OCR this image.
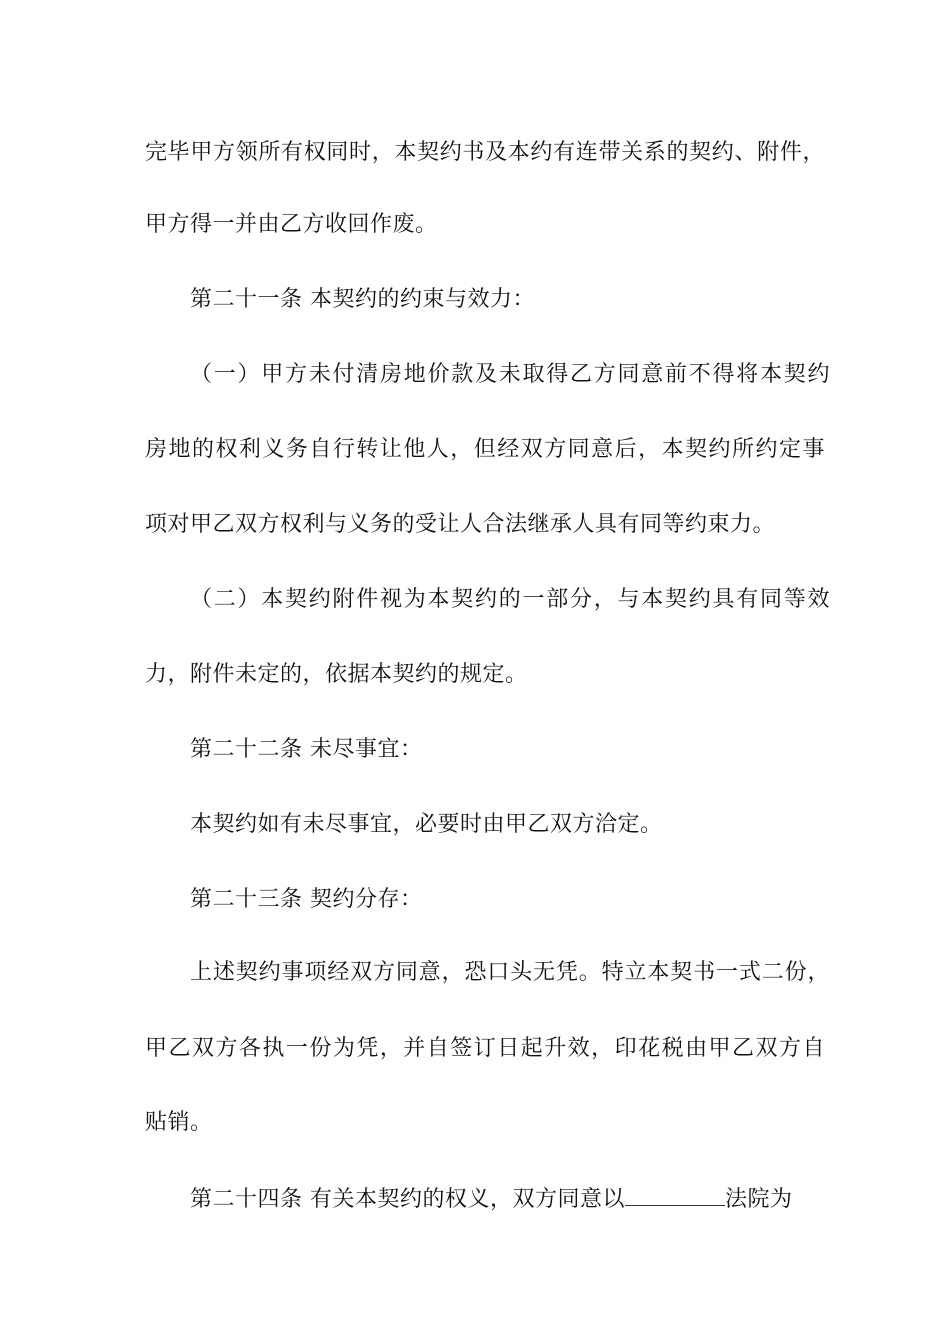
完毕甲方领所有权同时，本契约书及本约有连带关系的契约、附件，
甲方得一并由乙方收回作废。
第二十一条 本契约的约束与效力：
（一）甲方未付清房地价款及未取得乙方同意前不得将本契约
房地的权利义务自行转让他人，但经双方同意后，本契约所约定事
项对甲乙双方权利与义务的受让人合法继承人具有同等约束力。
（二）本契约附件视为本契约的一部分，与本契约具有同等效
力，附件未定的，依据本契约的规定。
第二十二条 未尽事宜：
本契约如有未尽事宜，必要时由甲乙双方洽定。
第二十三条 契约分存：
上述契约事项经双方同意，恐口头无凭。特立本契书一式二份，
甲乙双方各执一份为凭，并自签订日起升效，印花税由甲乙双方自
贴销。
第二十四条 有关本契约的权义，双方同意以	法院为
